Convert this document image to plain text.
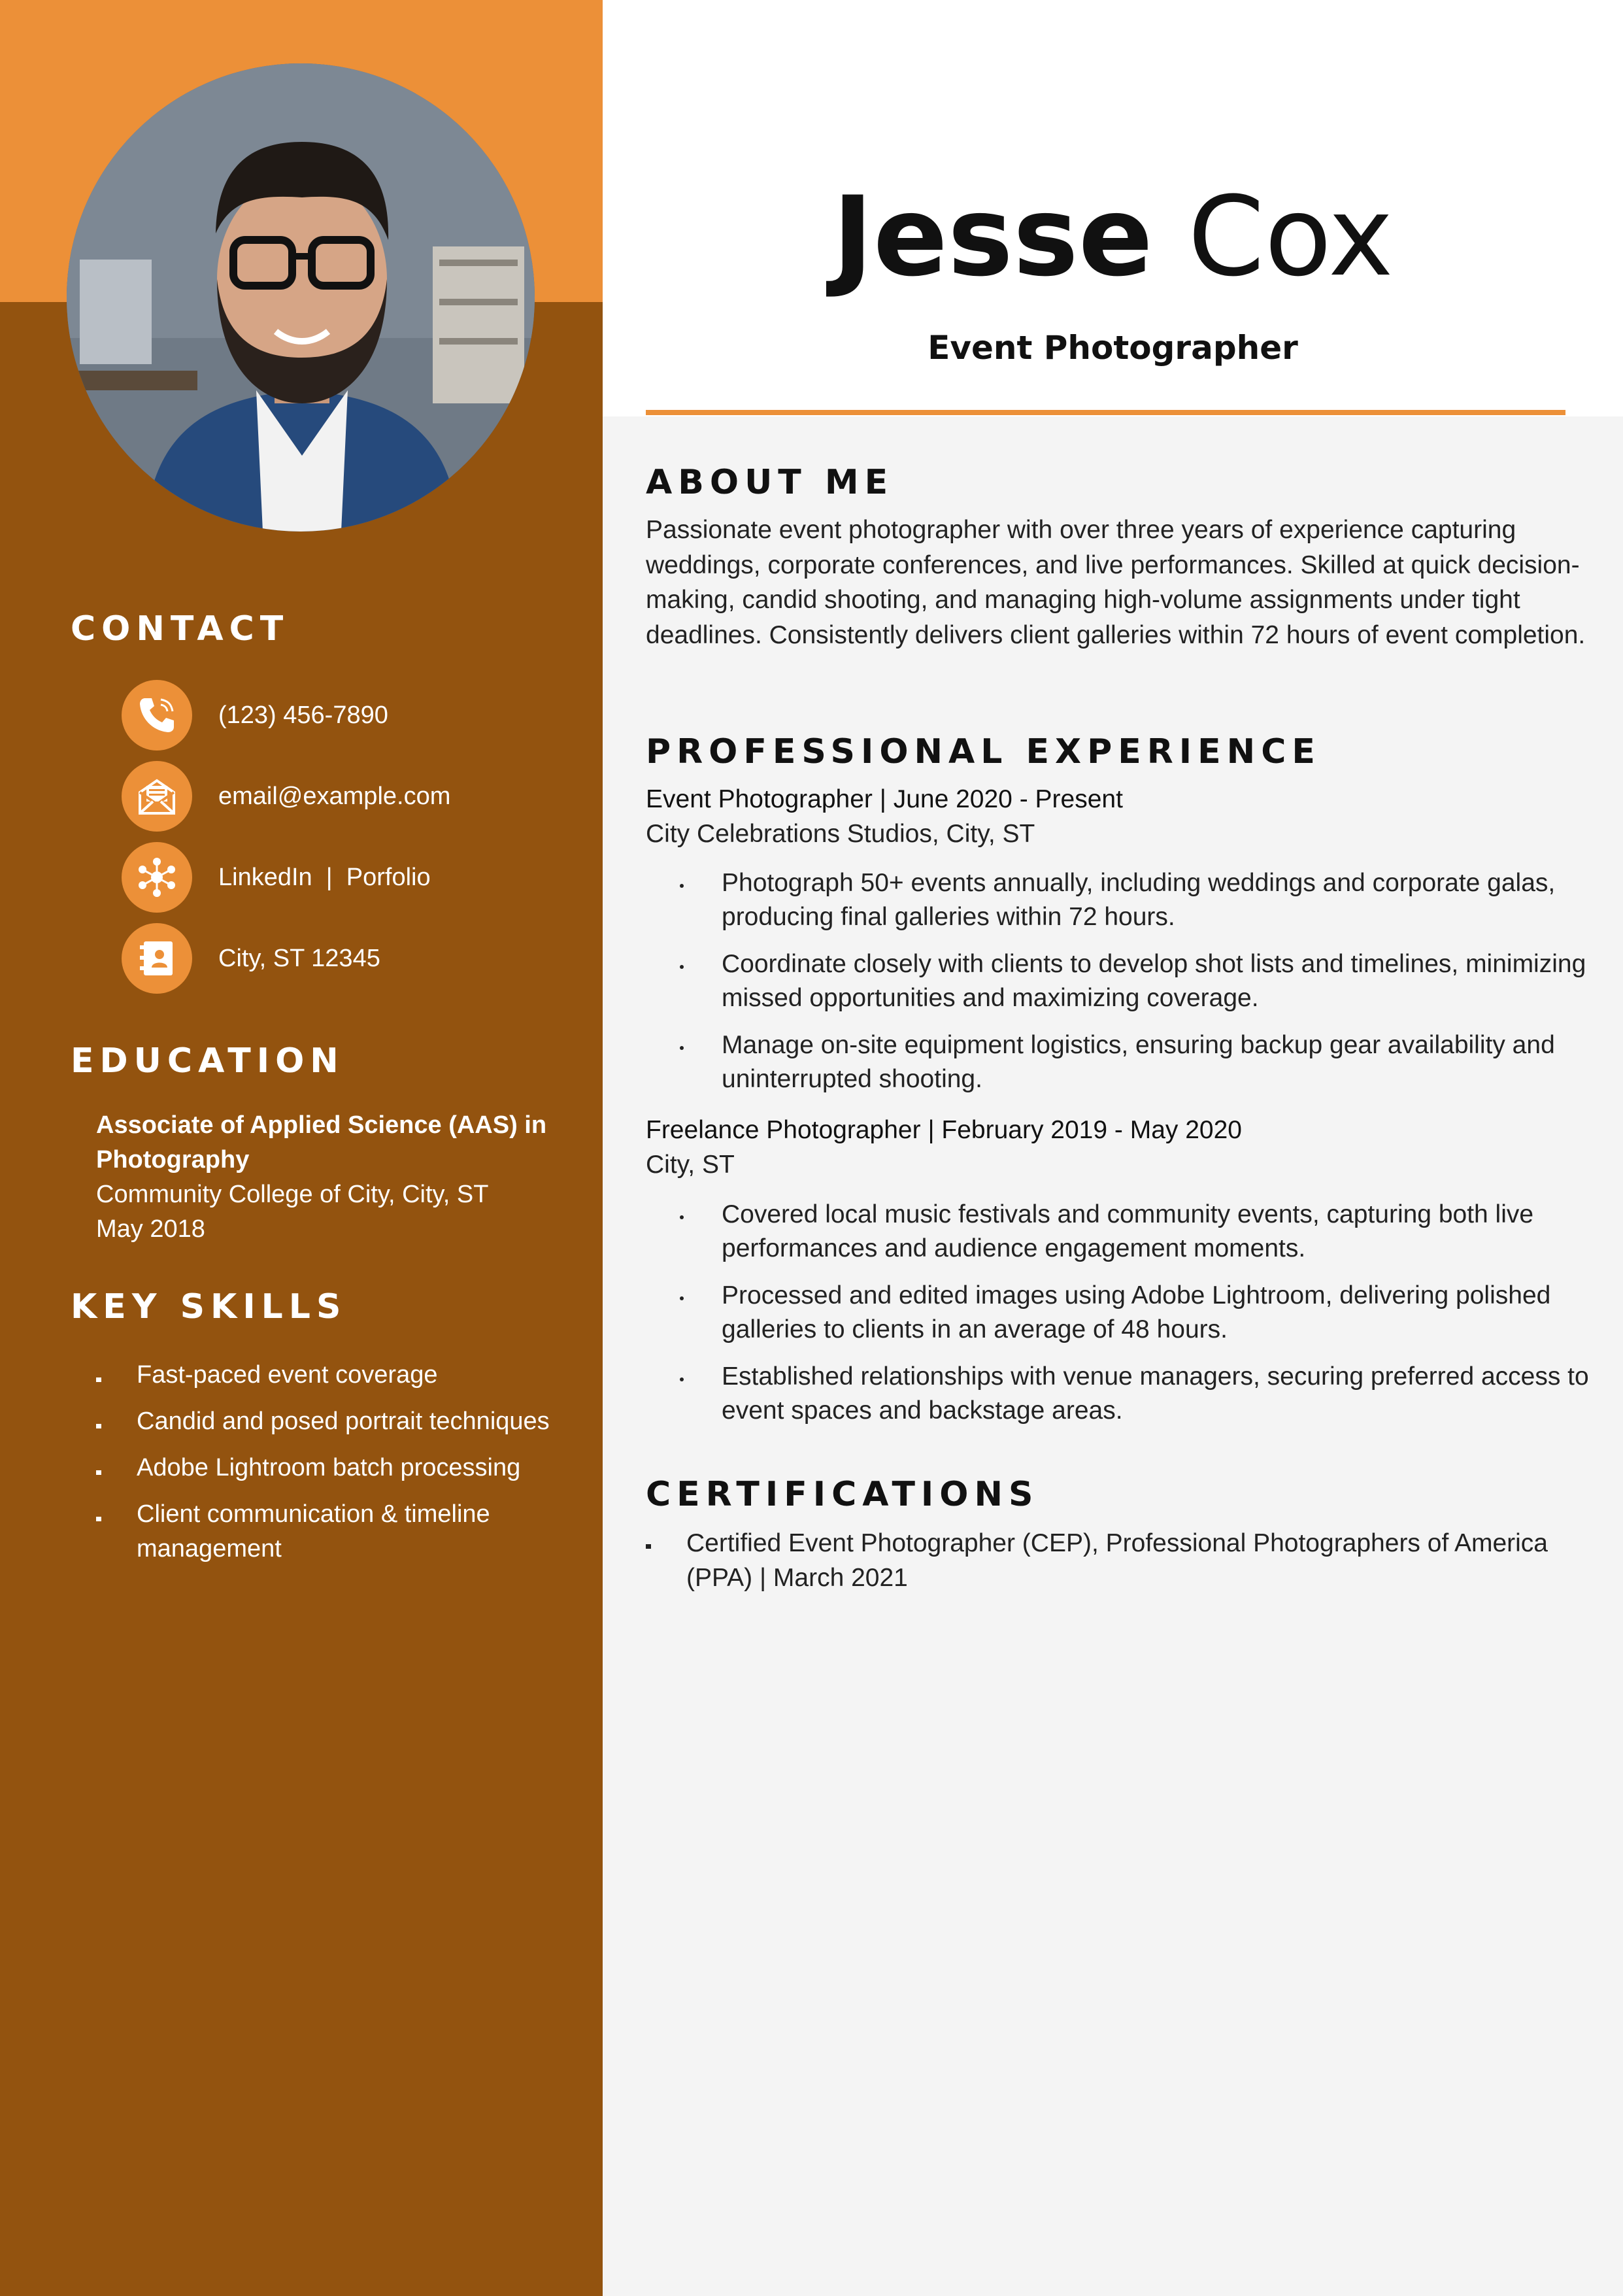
CONTACT
(123) 456-7890
email@example.com
LinkedIn  |  Porfolio
City, ST 12345
EDUCATION
Associate of Applied Science (AAS) in Photography
Community College of City, City, ST
May 2018
KEY SKILLS
Fast-paced event coverage
Candid and posed portrait techniques
Adobe Lightroom batch processing
Client communication & timeline management
Jesse Cox
Event Photographer
ABOUT ME
Passionate event photographer with over three years of experience capturing weddings, corporate conferences, and live performances. Skilled at quick decision-making, candid shooting, and managing high-volume assignments under tight deadlines. Consistently delivers client galleries within 72 hours of event completion.
PROFESSIONAL EXPERIENCE
Event Photographer | June 2020 - Present
City Celebrations Studios, City, ST
Photograph 50+ events annually, including weddings and corporate galas, producing final galleries within 72 hours.
Coordinate closely with clients to develop shot lists and timelines, minimizing missed opportunities and maximizing coverage.
Manage on-site equipment logistics, ensuring backup gear availability and uninterrupted shooting.
Freelance Photographer | February 2019 - May 2020
City, ST
Covered local music festivals and community events, capturing both live performances and audience engagement moments.
Processed and edited images using Adobe Lightroom, delivering polished galleries to clients in an average of 48 hours.
Established relationships with venue managers, securing preferred access to event spaces and backstage areas.
CERTIFICATIONS
Certified Event Photographer (CEP), Professional Photographers of America (PPA) | March 2021
